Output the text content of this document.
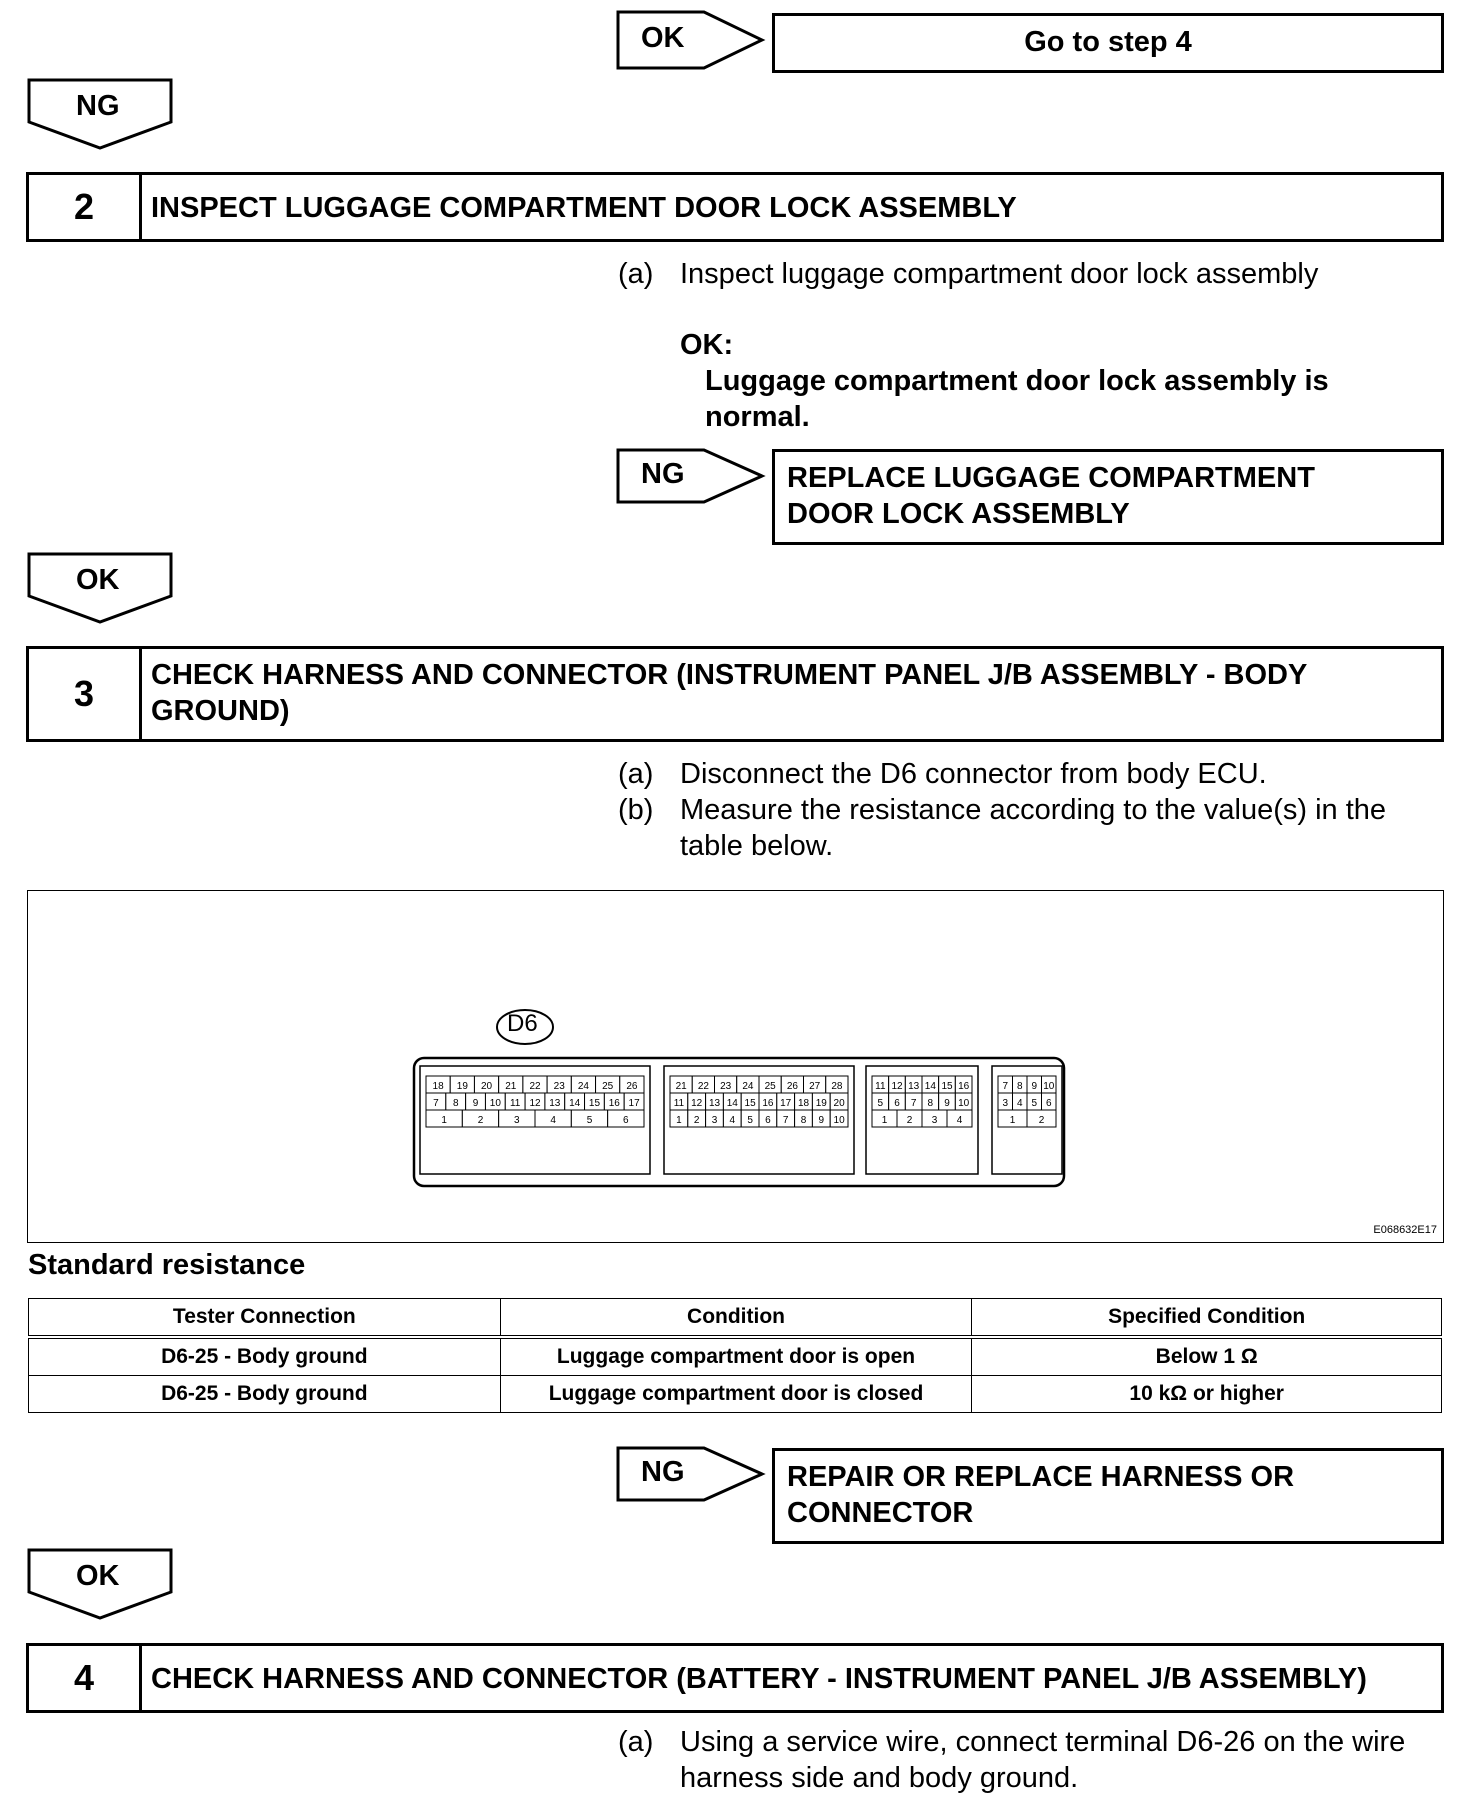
OK	Go to step 4
NG
2	INSPECT LUGGAGE COMPARTMENT DOOR LOCK ASSEMBLY
(a) Inspect luggage compartment door lock assembly
OK:
Luggage compartment door lock assembly is
normal.
NG	REPLACE LUGGAGE COMPARTMENT
DOOR LOCK ASSEMBLY
OK
3	CHECK HARNESS AND CONNECTOR (INSTRUMENT PANEL J/B ASSEMBLY - BODY
GROUND)
(a) Disconnect the D6 connector from body ECU.
(b) Measure the resistance according to the value(s) in the
table below.
18 19 20 21 22 23 24 25 26
7 8 9 10 11 12 13 14 15 16 17
1	2	3	4	5	6
21 22 23 24 25 26 27 28
11 12 13 14 15 16 17 18 19 20
1 2 3 4 5 6 7 8 9 10
11 12 13 14 15 16
5 6 7 8 9 10
1 2 3 4
7 8 9 10
3 4 5 6
1 2
D6
E068632E17
Standard resistance
Tester Connection	Condition	Specified Condition
D6-25 - Body ground	Luggage compartment door is open	Below 1 Ω
D6-25 - Body ground	Luggage compartment door is closed	10 kΩ or higher
NG	REPAIR OR REPLACE HARNESS OR
CONNECTOR
OK
4	CHECK HARNESS AND CONNECTOR (BATTERY - INSTRUMENT PANEL J/B ASSEMBLY)
(a) Using a service wire, connect terminal D6-26 on the wire
harness side and body ground.
